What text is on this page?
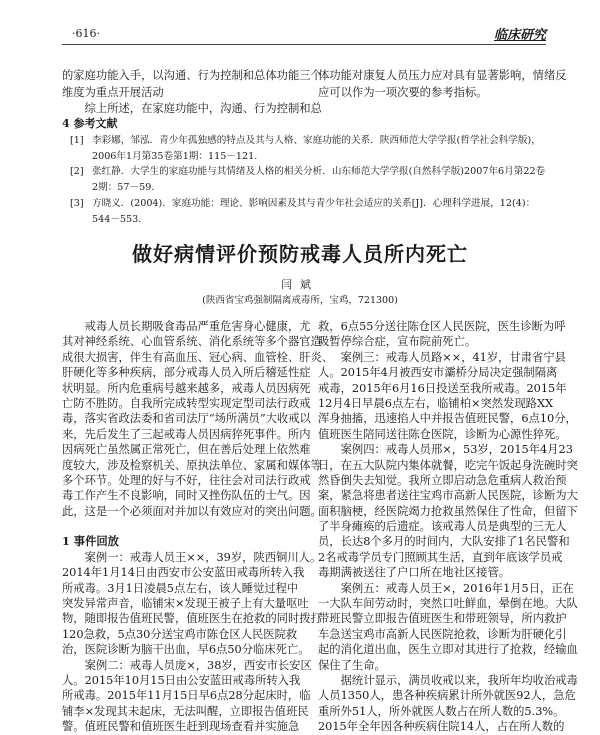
·616·	临床研究
的家庭功能入手，以沟通、行为控制和总体功能三个
维度为重点开展活动
综上所述，在家庭功能中，沟通、行为控制和总
体功能对康复人员压力应对具有显著影响，情绪反
应可以作为一项次要的参考指标。
4 参考文献
[1] 李彩娜，邹泓．青少年孤独感的特点及其与人格、家庭功能的关系．陕西师范大学学报(哲学社会科学版)，2006年1月第35卷第1期：115－121.
[2] 张红静．大学生的家庭功能与其情绪及人格的相关分析．山东师范大学学报(自然科学版)2007年6月第22卷2期：57－59.
[3] 方晓义．(2004)．家庭功能：理论、影响因素及其与青少年社会适应的关系[J]．心理科学进展，12(4)：544－553.
做好病情评价预防戒毒人员所内死亡
闫斌
(陕西省宝鸡强制隔离戒毒所，宝鸡，721300)
戒毒人员长期吸食毒品严重危害身心健康，尤
其对神经系统、心血管系统、消化系统等多个器官造
成很大损害，伴生有高血压、冠心病、血管栓、肝炎、
肝硬化等多种疾病，部分戒毒人员入所后稽延性症
状明显。所内危重病号越来越多，戒毒人员因病死
亡防不胜防。自我所完成转型实现定型司法行政戒
毒，落实省政法委和省司法厅“场所满员”大收戒以
来，先后发生了三起戒毒人员因病猝死事件。所内
因病死亡虽然属正常死亡，但在善后处理上依然难
度较大，涉及检察机关、原执法单位、家属和媒体等
多个环节。处理的好与不好，往往会对司法行政戒
毒工作产生不良影响，同时又挫伤队伍的士气。因
此，这是一个必须面对并加以有效应对的突出问题。
1 事件回放
案例一：戒毒人员王××，39岁，陕西铜川人。
2014年1月14日由西安市公安蓝田戒毒所转入我
所戒毒。3月1日凌晨5点左右，该人睡觉过程中
突发异常声音，临铺宋×发现王被子上有大量呕吐
物，随即报告值班民警，值班医生在抢救的同时拨打
120急救，5点30分送宝鸡市陈仓区人民医院救
治，医院诊断为脑干出血，早6点50分临床死亡。
案例二：戒毒人员庞×，38岁，西安市长安区
人。2015年10月15日由公安蓝田戒毒所转入我
所戒毒。2015年11月15日早6点28分起床时，临
铺李×发现其未起床，无法叫醒，立即报告值班民
警。值班民警和值班医生赶到现场查看并实施急
救，6点55分送往陈仓区人民医院，医生诊断为呼
吸暂停综合症，宣布院前死亡。
案例三：戒毒人员路××，41岁，甘肃省宁县
人。2015年4月被西安市灞桥分局决定强制隔离
戒毒，2015年6月16日投送至我所戒毒。2015年
12月4日早晨6点左右，临铺柏×突然发现路XX
浑身抽搐，迅速掐人中并报告值班民警，6点10分，
值班医生陪同送往陈仓医院，诊断为心源性猝死。
案例四：戒毒人员邢×，53岁，2015年4月23
日，在五大队院内集体就餐，吃完午饭起身洗碗时突
然昏倒失去知觉。我所立即启动急危重病人救治预
案，紧急将患者送往宝鸡市高新人民医院，诊断为大
面积脑梗，经医院竭力抢救虽然保住了性命，但留下
了半身瘫痪的后遗症。该戒毒人员是典型的三无人
员，长达8个多月的时间内，大队安排了1名民警和
2名戒毒学员专门照顾其生活，直到年底该学员戒
毒期满被送往了户口所在地社区接管。
案例五：戒毒人员王×，2016年1月5日，正在
一大队车间劳动时，突然口吐鲜血，晕倒在地。大队
带班民警立即报告值班医生和带班领导，所内救护
车急送宝鸡市高新人民医院抢救，诊断为肝硬化引
起的消化道出血，医生立即对其进行了抢救，经输血
保住了生命。
据统计显示，满员收戒以来，我所年均收治戒毒
人员1350人，患各种疾病累计所外就医92人，急危
重所外51人，所外就医人数占在所人数的5.3%。
2015年全年因各种疾病住院14人，占在所人数的
